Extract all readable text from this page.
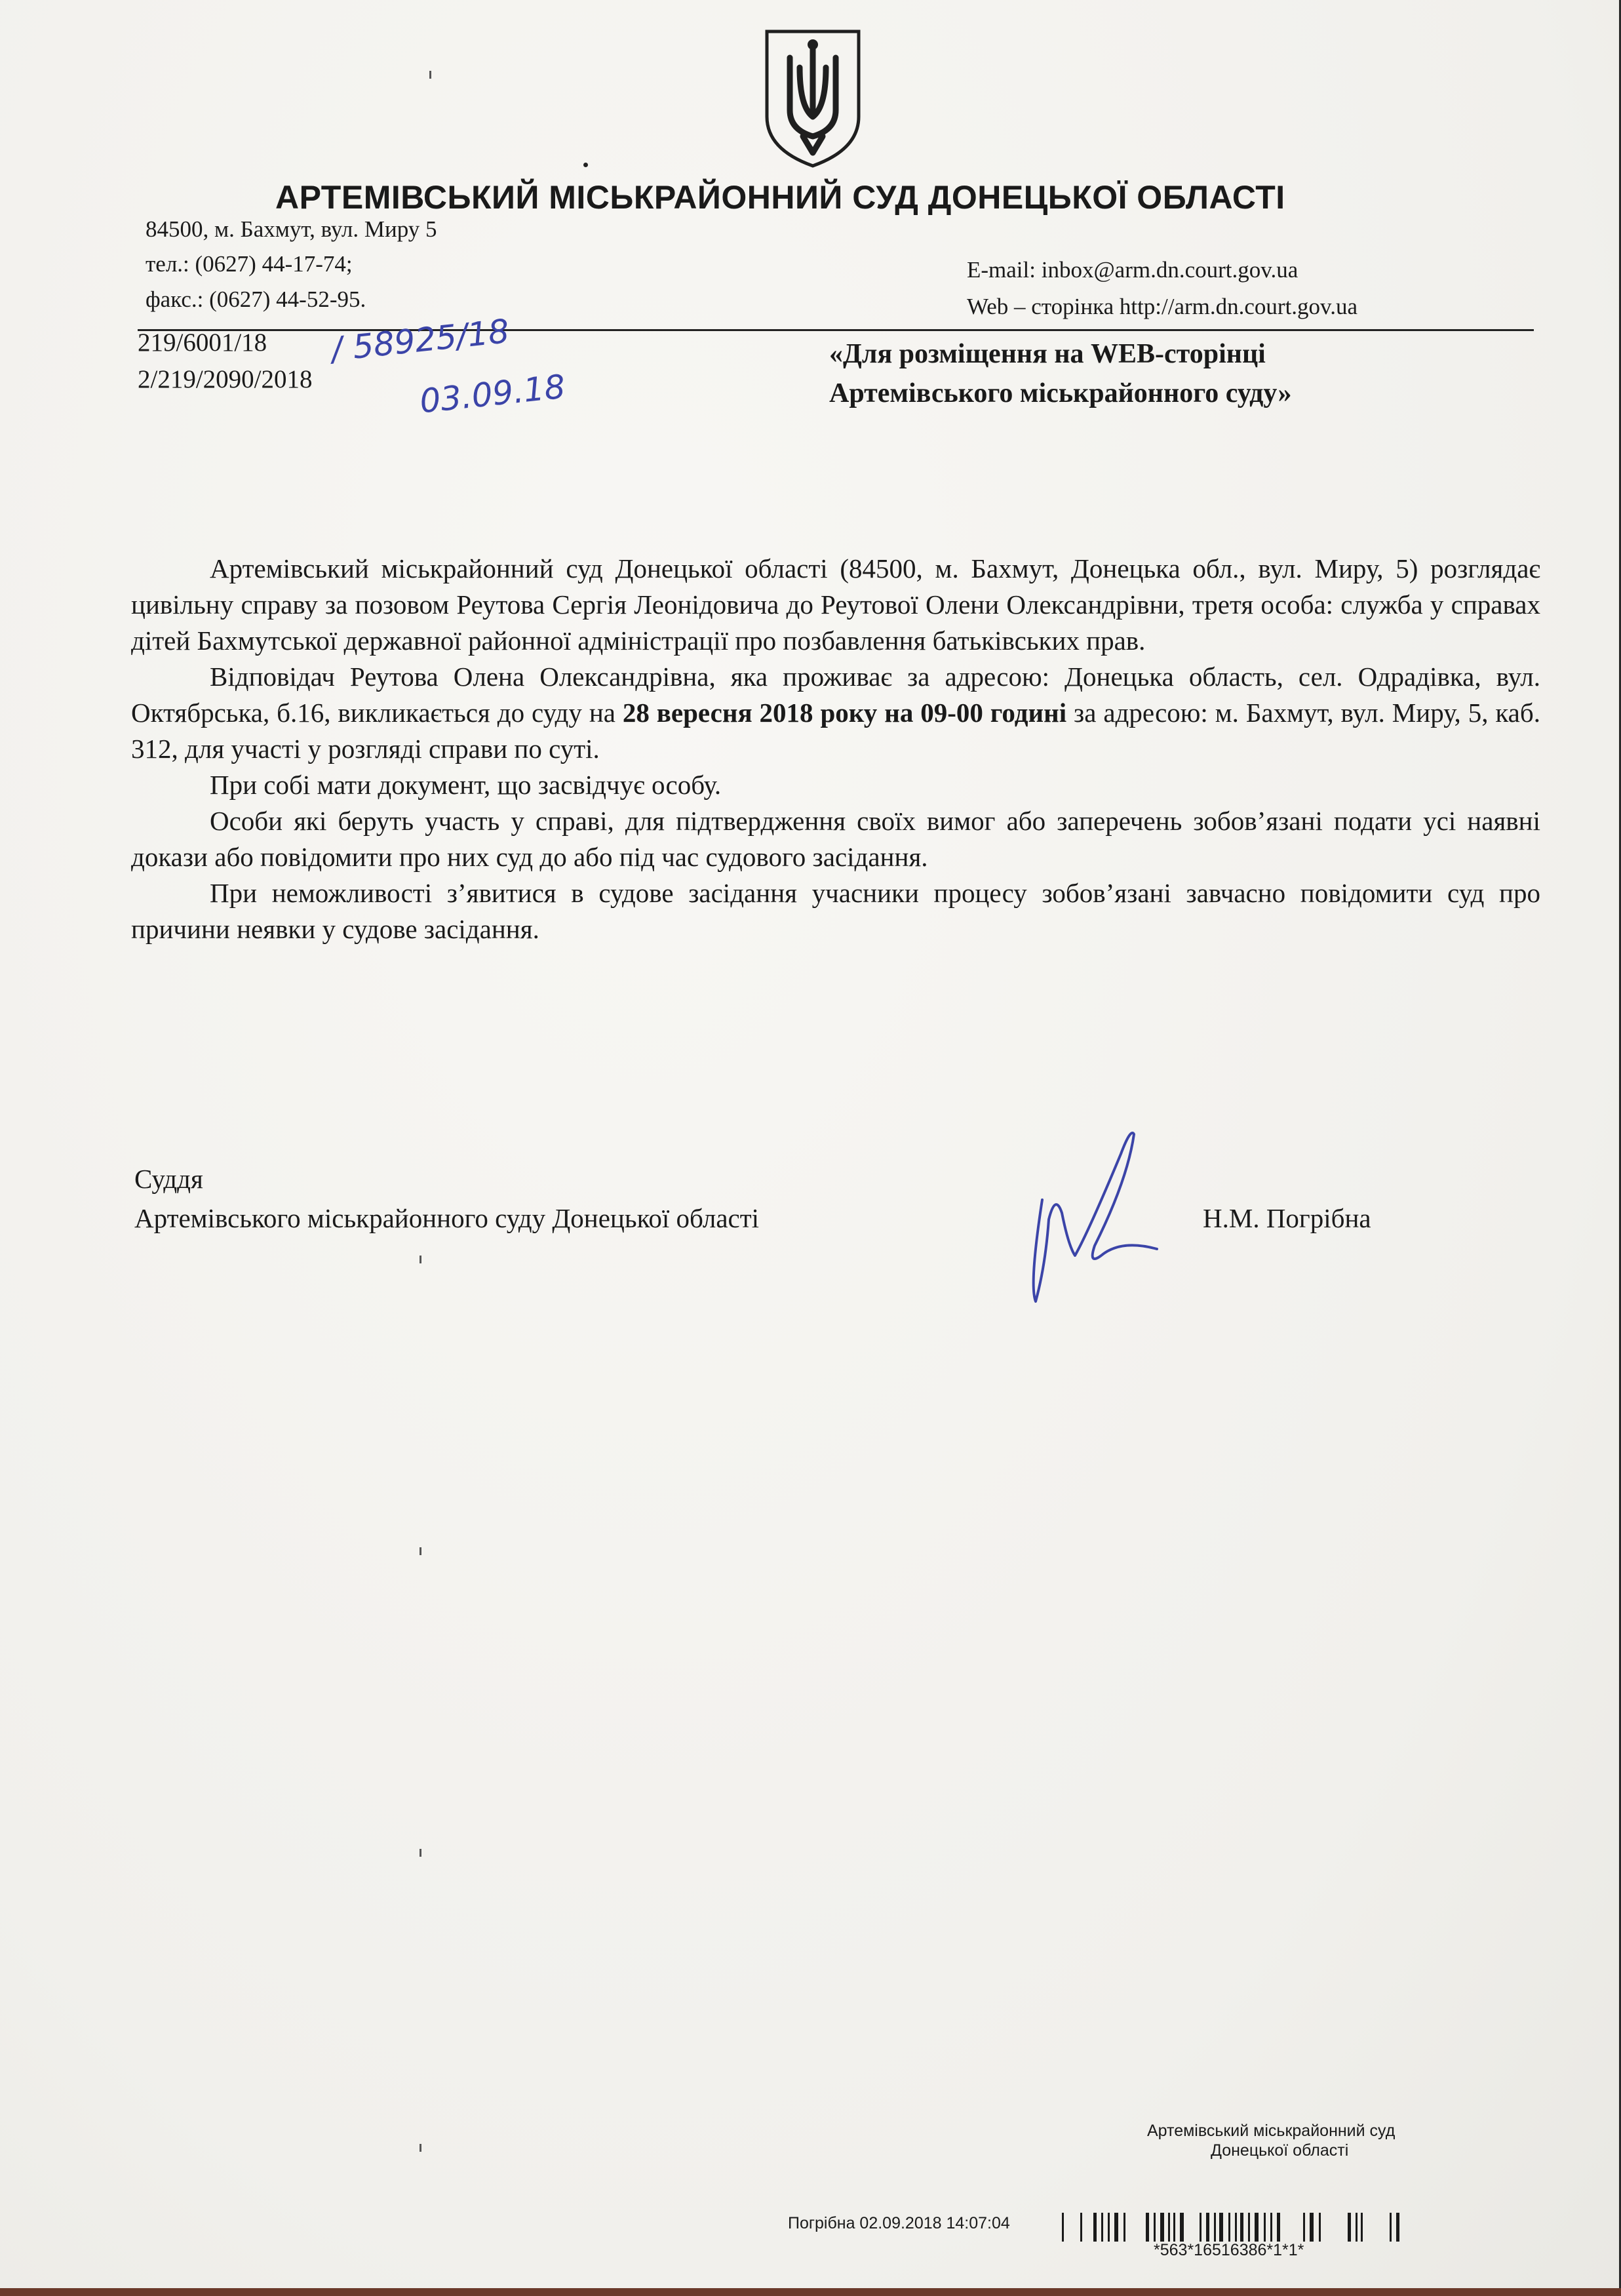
АРТЕМІВСЬКИЙ МІСЬКРАЙОННИЙ СУД ДОНЕЦЬКОЇ ОБЛАСТІ
84500, м. Бахмут, вул. Миру 5
тел.: (0627) 44-17-74;
факс.: (0627) 44-52-95.
E-mail: inbox@arm.dn.court.gov.ua
Web – сторінка http://arm.dn.court.gov.ua
219/6001/18
2/219/2090/2018
/ 58925/18
03.09.18
«Для розміщення на WEB-сторінці
Артемівського міськрайонного суду»

Артемівський міськрайонний суд Донецької області (84500, м. Бахмут, Донецька обл., вул. Миру, 5) розглядає цивільну справу за позовом Реутова Сергія Леонідовича до Реутової Олени Олександрівни, третя особа: служба у справах дітей Бахмутської державної районної адміністрації про позбавлення батьківських прав.

Відповідач Реутова Олена Олександрівна, яка проживає за адресою: Донецька область, сел. Одрадівка, вул. Октябрська, б.16, викликається до суду на 28 вересня 2018 року на 09-00 годині за адресою: м. Бахмут, вул. Миру, 5, каб. 312, для участі у розгляді справи по суті.

При собі мати документ, що засвідчує особу.

Особи які беруть участь у справі, для підтвердження своїх вимог або заперечень зобов’язані подати усі наявні докази або повідомити про них суд до або під час судового засідання.

При неможливості з’явитися в судове засідання учасники процесу зобов’язані завчасно повідомити суд про причини неявки у судове засідання.

Суддя
Артемівського міськрайонного суду Донецької області	Н.М. Погрібна
Артемівський міськрайонний суд
Донецької області
Погрібна 02.09.2018 14:07:04
*563*16516386*1*1*
